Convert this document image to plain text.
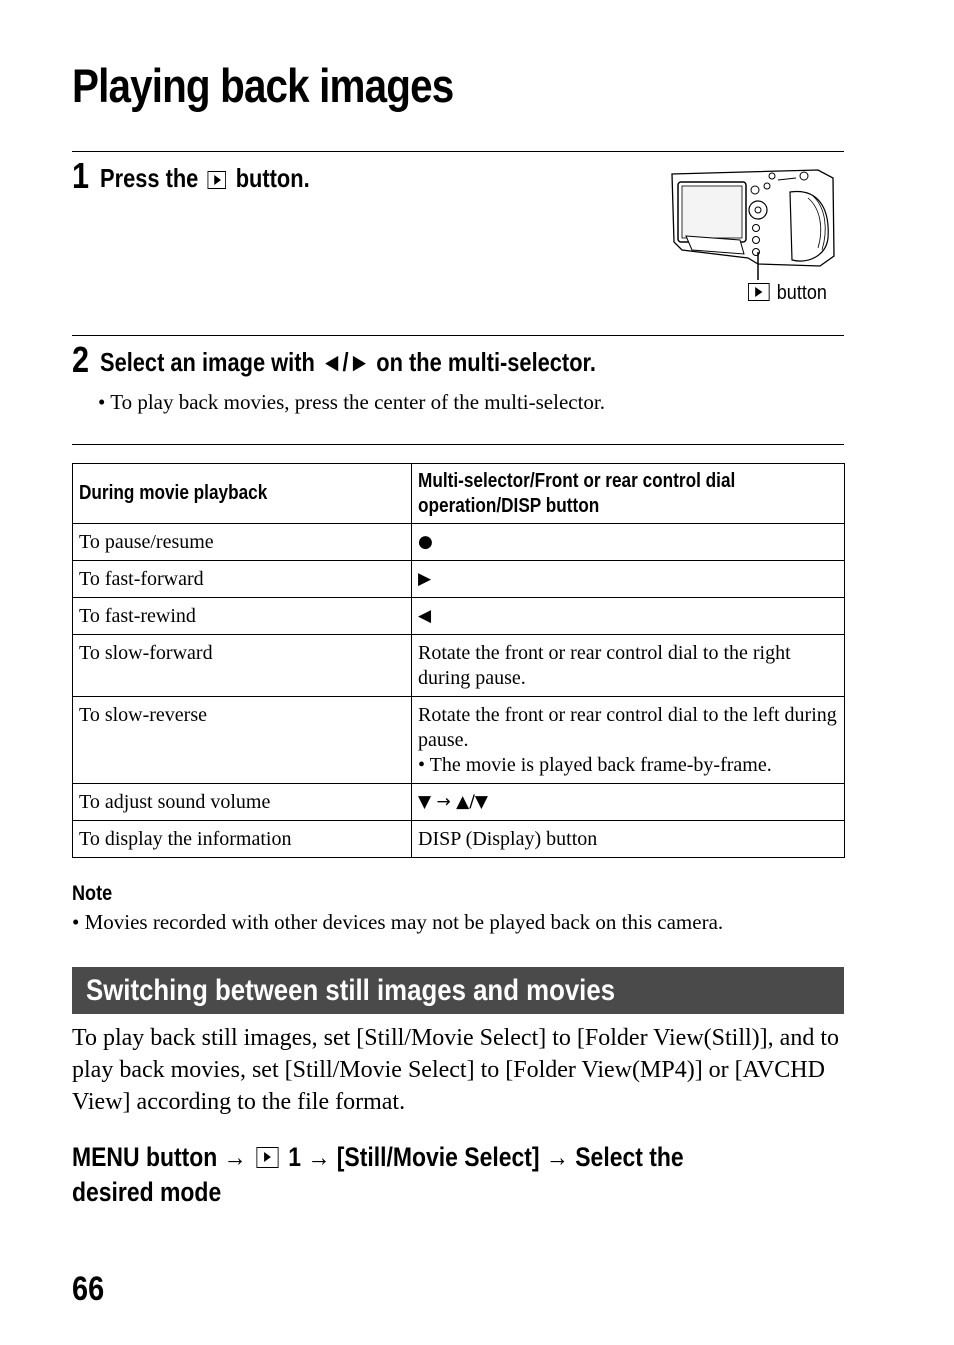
Playing back images
1 Press the button.
button
2 Select an image with ◄/► on the multi-selector.
• To play back movies, press the center of the multi-selector.
During movie playback	Multi-selector/Front or rear control dial operation/DISP button
To pause/resume	●
To fast-forward	▶
To fast-rewind	◀
To slow-forward	Rotate the front or rear control dial to the right during pause.
To slow-reverse	Rotate the front or rear control dial to the left during pause.
• The movie is played back frame-by-frame.

To adjust sound volume	▼ → ▲/▼
To display the information	DISP (Display) button
Note
• Movies recorded with other devices may not be played back on this camera.
Switching between still images and movies
To play back still images, set [Still/Movie Select] to [Folder View(Still)], and to play back movies, set [Still/Movie Select] to [Folder View(MP4)] or [AVCHD View] according to the file format.
MENU button → 1 → [Still/Movie Select] → Select the
desired mode
66
